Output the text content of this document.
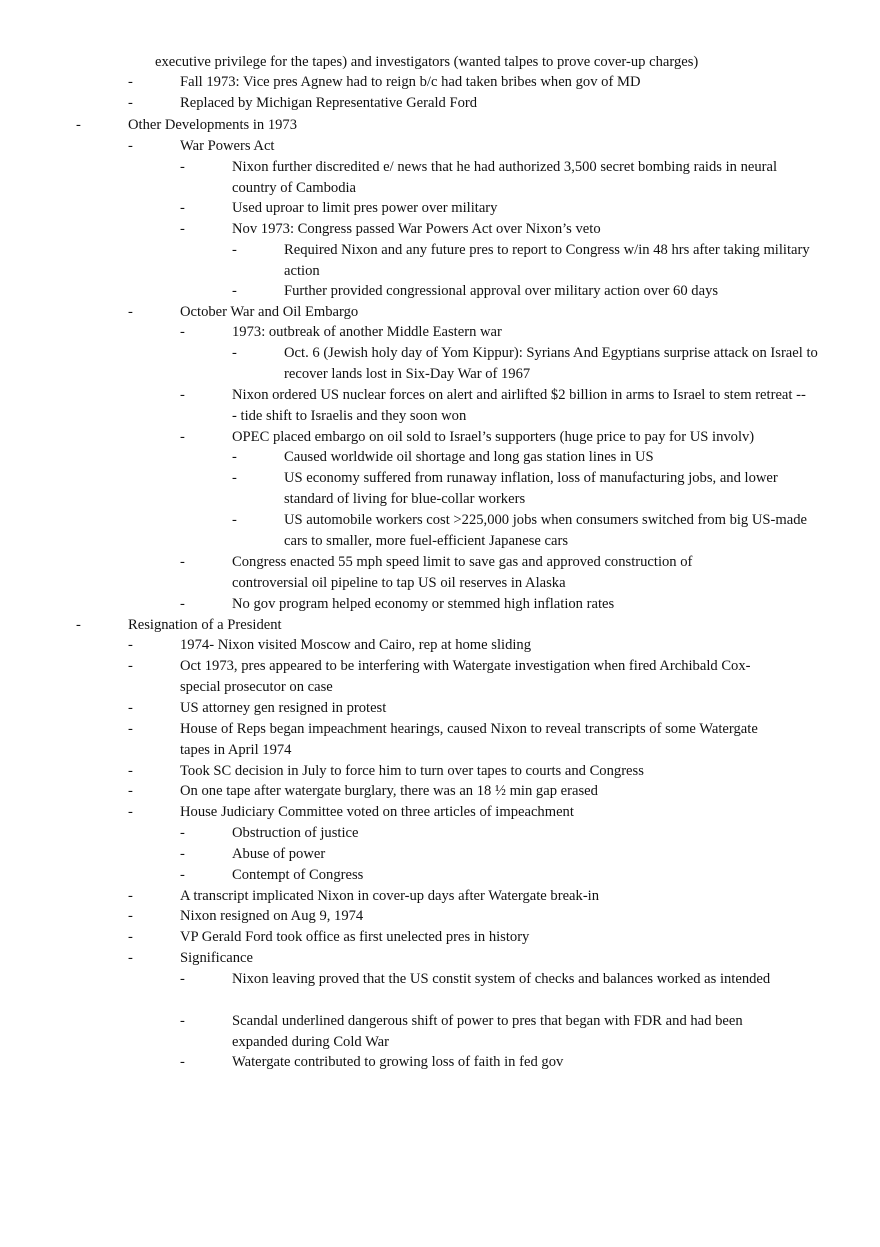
executive privilege for the tapes) and investigators (wanted talpes to prove cover-up charges)
-	Fall 1973: Vice pres Agnew had to reign b/c had taken bribes when gov of MD
-	Replaced by Michigan Representative Gerald Ford
-	Other Developments in 1973
-	War Powers Act
-	Nixon further discredited e/ news that he had authorized 3,500 secret bombing raids in neural country of Cambodia
-	Used uproar to limit pres power over military
-	Nov 1973: Congress passed War Powers Act over Nixon’s veto
-	Required Nixon and any future pres to report to Congress w/in 48 hrs after taking military action
-	Further provided congressional approval over military action over 60 days
-	October War and Oil Embargo
-	1973: outbreak of another Middle Eastern war
-	Oct. 6 (Jewish holy day of Yom Kippur): Syrians And Egyptians surprise attack on Israel to recover lands lost in Six-Day War of 1967
-	Nixon ordered US nuclear forces on alert and airlifted $2 billion in arms to Israel to stem retreat --- tide shift to Israelis and they soon won
-	OPEC placed embargo on oil sold to Israel’s supporters (huge price to pay for US involv)
-	Caused worldwide oil shortage and long gas station lines in US
-	US economy suffered from runaway inflation, loss of manufacturing jobs, and lower standard of living for blue-collar workers
-	US automobile workers cost >225,000 jobs when consumers switched from big US-made cars to smaller, more fuel-efficient Japanese cars
-	Congress enacted 55 mph speed limit to save gas and approved construction of controversial oil pipeline to tap US oil reserves in Alaska
-	No gov program helped economy or stemmed high inflation rates
-	Resignation of a President
-	1974- Nixon visited Moscow and Cairo, rep at home sliding
-	Oct 1973, pres appeared to be interfering with Watergate investigation when fired Archibald Cox- special prosecutor on case
-	US attorney gen resigned in protest
-	House of Reps began impeachment hearings, caused Nixon to reveal transcripts of some Watergate tapes in April 1974
-	Took SC decision in July to force him to turn over tapes to courts and Congress
-	On one tape after watergate burglary, there was an 18 ½ min gap erased
-	House Judiciary Committee voted on three articles of impeachment
-	Obstruction of justice
-	Abuse of power
-	Contempt of Congress
-	A transcript implicated Nixon in cover-up days after Watergate break-in
-	Nixon resigned on Aug 9, 1974
-	VP Gerald Ford took office as first unelected pres in history
-	Significance
-	Nixon leaving proved that the US constit system of checks and balances worked as intended
-	Scandal underlined dangerous shift of power to pres that began with FDR and had been expanded during Cold War
-	Watergate contributed to growing loss of faith in fed gov
